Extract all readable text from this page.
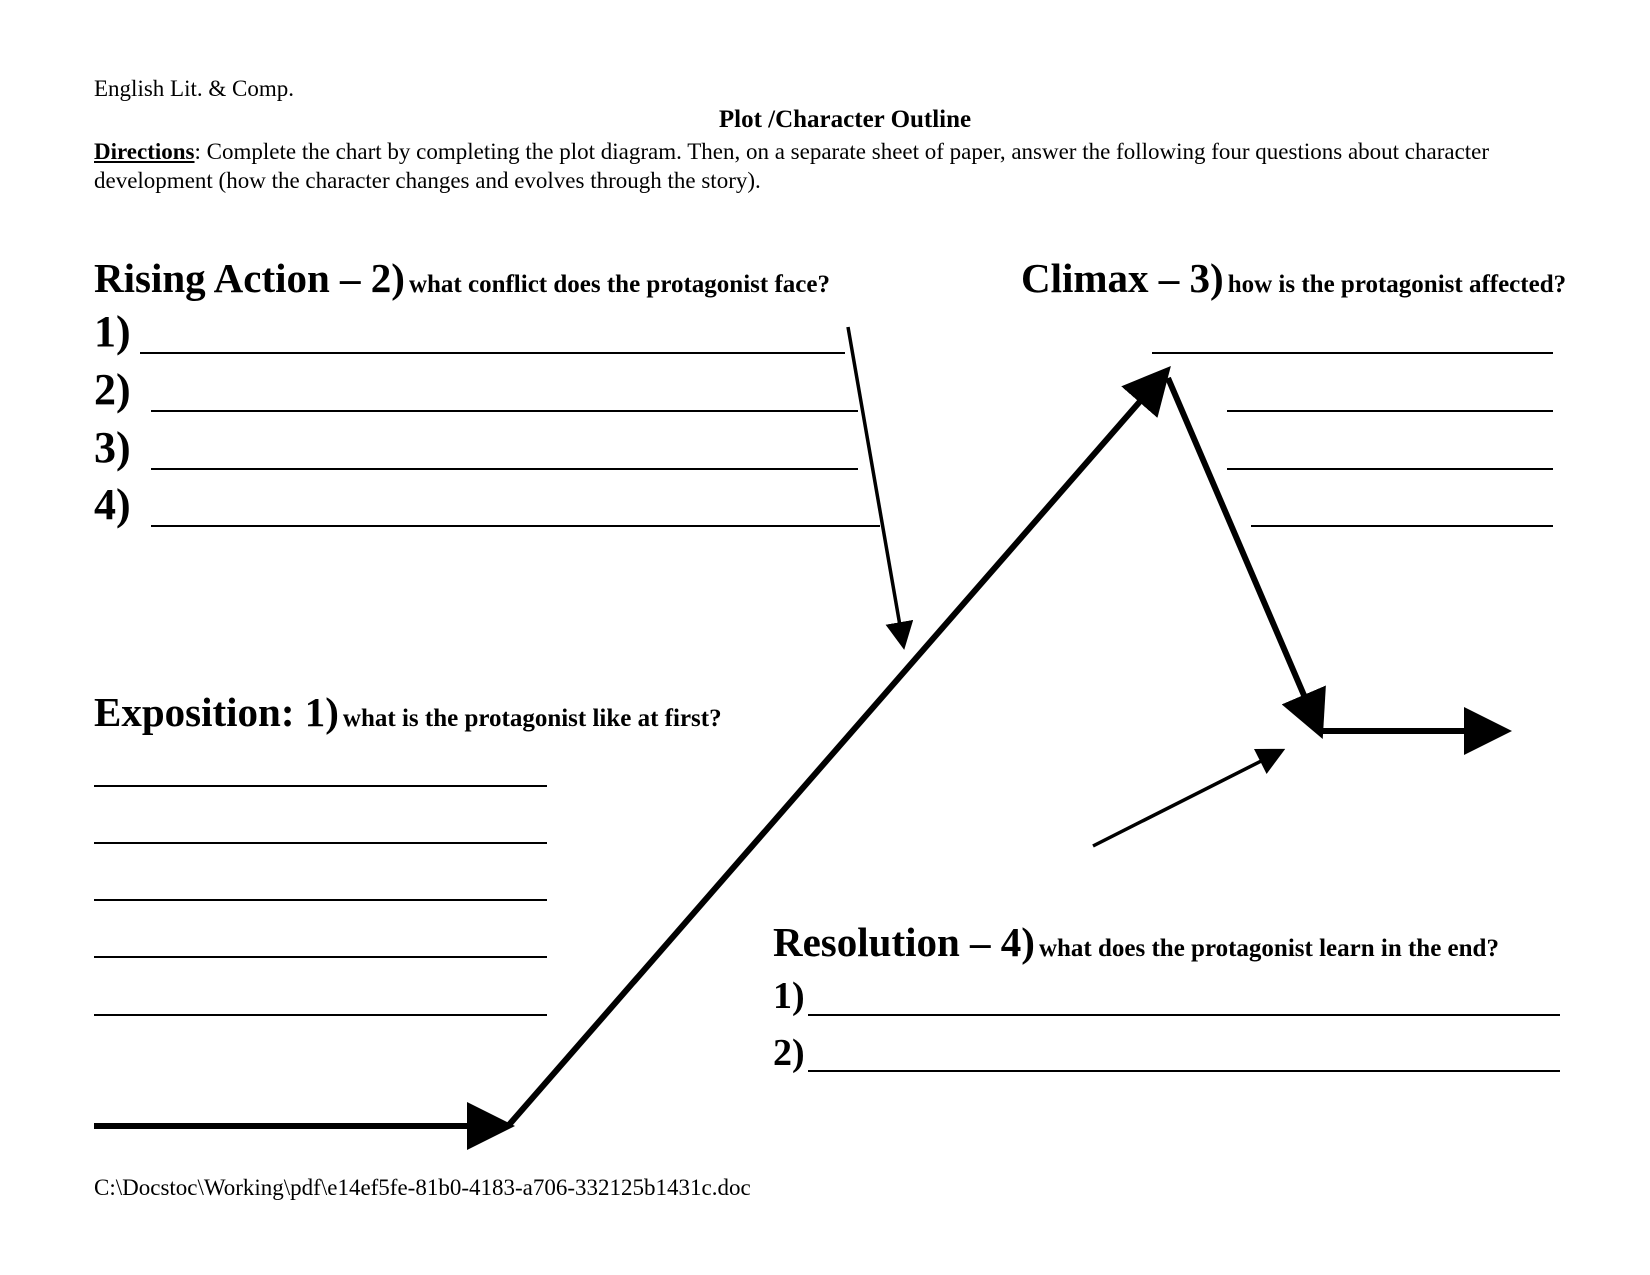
English Lit. & Comp.
Plot /Character Outline
Directions: Complete the chart by completing the plot diagram. Then, on a separate sheet of paper, answer the following four questions about character development (how the character changes and evolves through the story).
Rising Action – 2) what conflict does the protagonist face?
1)
2)
3)
4)
Climax – 3) how is the protagonist affected?
Exposition: 1) what is the protagonist like at first?
Resolution – 4) what does the protagonist learn in the end?
1)
2)
C:\Docstoc\Working\pdf\e14ef5fe-81b0-4183-a706-332125b1431c.doc
